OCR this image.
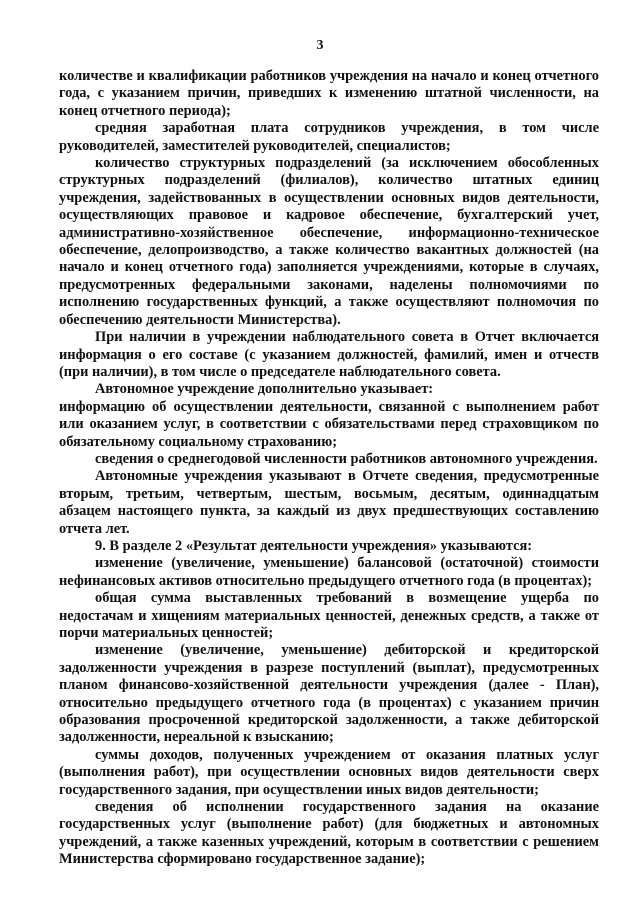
3

количестве и квалификации работников учреждения на начало и конец отчетного года, с указанием причин, приведших к изменению штатной численности, на конец отчетного периода);

средняя заработная плата сотрудников учреждения, в том числе руководителей, заместителей руководителей, специалистов;

количество структурных подразделений (за исключением обособленных структурных подразделений (филиалов), количество штатных единиц учреждения, задействованных в осуществлении основных видов деятельности, осуществляющих правовое и кадровое обеспечение, бухгалтерский учет, административно-хозяйственное обеспечение, информационно-техническое обеспечение, делопроизводство, а также количество вакантных должностей (на начало и конец отчетного года) заполняется учреждениями, которые в случаях, предусмотренных федеральными законами, наделены полномочиями по исполнению государственных функций, а также осуществляют полномочия по обеспечению деятельности Министерства).

При наличии в учреждении наблюдательного совета в Отчет включается информация о его составе (с указанием должностей, фамилий, имен и отчеств (при наличии), в том числе о председателе наблюдательного совета.

Автономное учреждение дополнительно указывает:

информацию об осуществлении деятельности, связанной с выполнением работ или оказанием услуг, в соответствии с обязательствами перед страховщиком по обязательному социальному страхованию;

сведения о среднегодовой численности работников автономного учреждения.

Автономные учреждения указывают в Отчете сведения, предусмотренные вторым, третьим, четвертым, шестым, восьмым, десятым, одиннадцатым абзацем настоящего пункта, за каждый из двух предшествующих составлению отчета лет.

9. В разделе 2 «Результат деятельности учреждения» указываются:

изменение (увеличение, уменьшение) балансовой (остаточной) стоимости нефинансовых активов относительно предыдущего отчетного года (в процентах);

общая сумма выставленных требований в возмещение ущерба по недостачам и хищениям материальных ценностей, денежных средств, а также от порчи материальных ценностей;

изменение (увеличение, уменьшение) дебиторской и кредиторской задолженности учреждения в разрезе поступлений (выплат), предусмотренных планом финансово-хозяйственной деятельности учреждения (далее - План), относительно предыдущего отчетного года (в процентах) с указанием причин образования просроченной кредиторской задолженности, а также дебиторской задолженности, нереальной к взысканию;

суммы доходов, полученных учреждением от оказания платных услуг (выполнения работ), при осуществлении основных видов деятельности сверх государственного задания, при осуществлении иных видов деятельности;

сведения об исполнении государственного задания на оказание государственных услуг (выполнение работ) (для бюджетных и автономных учреждений, а также казенных учреждений, которым в соответствии с решением Министерства сформировано государственное задание);
